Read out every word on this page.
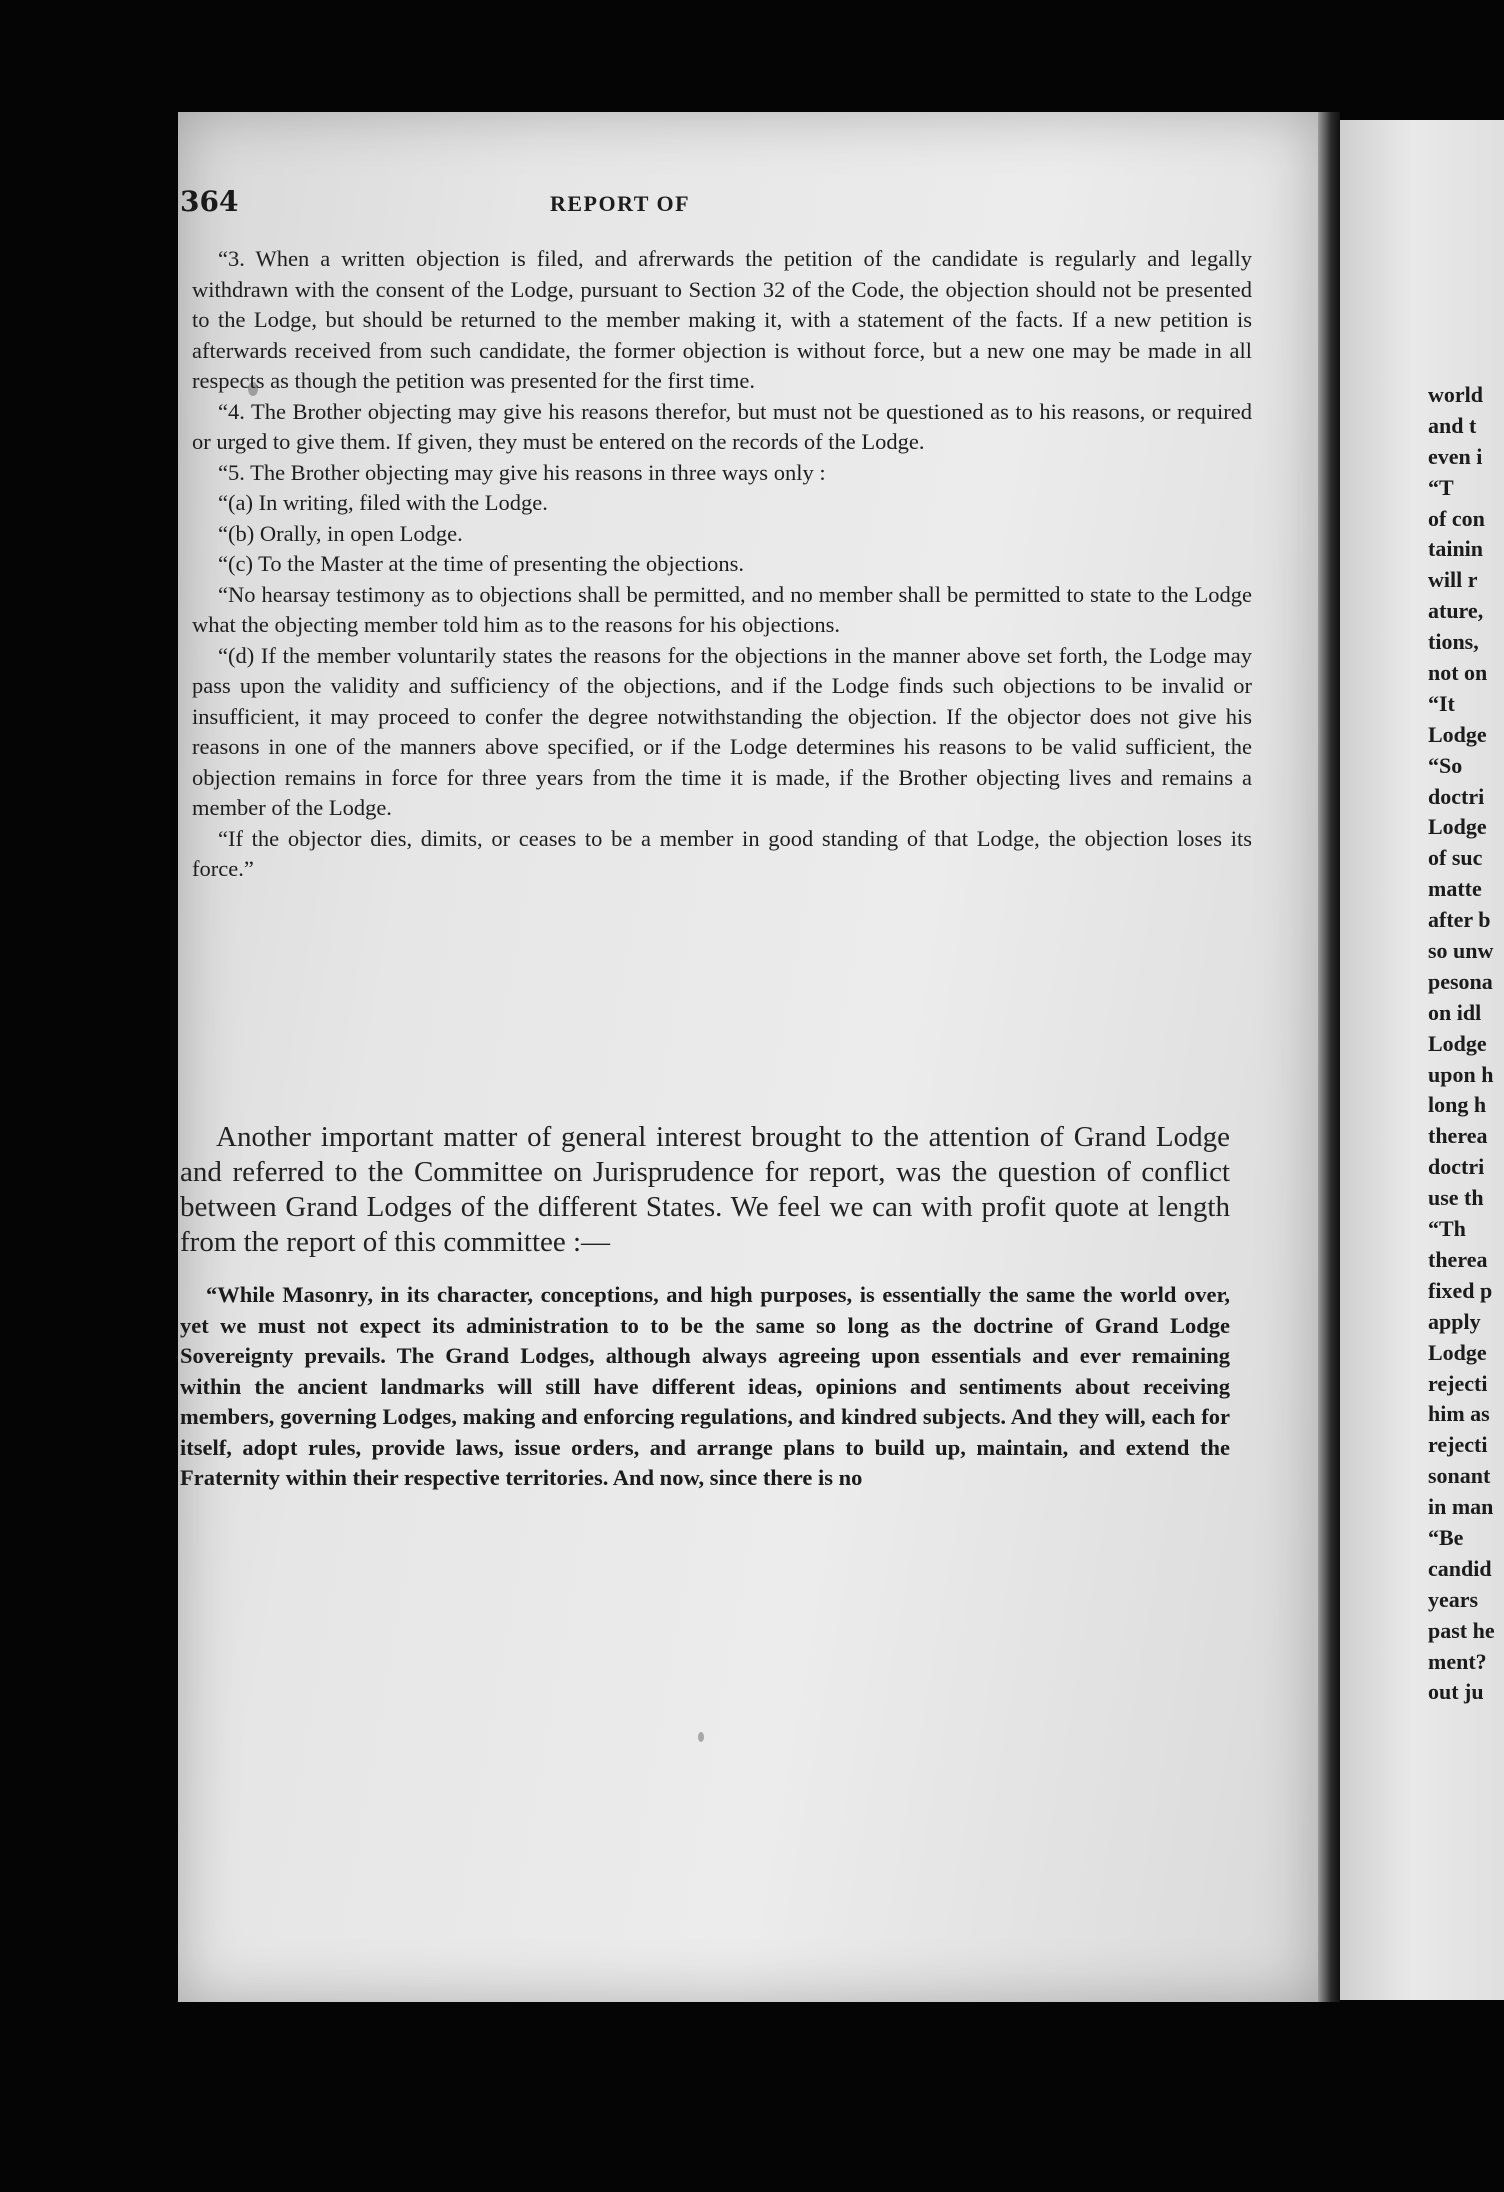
364	REPORT OF

“3. When a written objection is filed, and afrerwards the petition of the candidate is regularly and legally withdrawn with the consent of the Lodge, pursuant to Section 32 of the Code, the objection should not be presented to the Lodge, but should be returned to the member making it, with a statement of the facts. If a new petition is afterwards received from such candidate, the former objection is without force, but a new one may be made in all respects as though the petition was presented for the first time.

“4. The Brother objecting may give his reasons therefor, but must not be questioned as to his reasons, or required or urged to give them. If given, they must be entered on the records of the Lodge.

“5. The Brother objecting may give his reasons in three ways only :

“(a) In writing, filed with the Lodge.

“(b) Orally, in open Lodge.

“(c) To the Master at the time of presenting the objections.

“No hearsay testimony as to objections shall be permitted, and no member shall be permitted to state to the Lodge what the objecting member told him as to the reasons for his objections.

“(d) If the member voluntarily states the reasons for the objections in the manner above set forth, the Lodge may pass upon the validity and sufficiency of the objections, and if the Lodge finds such objections to be invalid or insufficient, it may proceed to confer the degree notwithstanding the objection. If the objector does not give his reasons in one of the manners above specified, or if the Lodge determines his reasons to be valid sufficient, the objection remains in force for three years from the time it is made, if the Brother objecting lives and remains a member of the Lodge.

“If the objector dies, dimits, or ceases to be a member in good standing of that Lodge, the objection loses its force.”

Another important matter of general interest brought to the attention of Grand Lodge and referred to the Committee on Jurisprudence for report, was the question of conflict between Grand Lodges of the different States. We feel we can with profit quote at length from the report of this committee :—

“While Masonry, in its character, conceptions, and high purposes, is essentially the same the world over, yet we must not expect its administration to to be the same so long as the doctrine of Grand Lodge Sovereignty prevails. The Grand Lodges, although always agreeing upon essentials and ever remaining within the ancient landmarks will still have different ideas, opinions and sentiments about receiving members, governing Lodges, making and enforcing regulations, and kindred subjects. And they will, each for itself, adopt rules, provide laws, issue orders, and arrange plans to build up, maintain, and extend the Fraternity within their respective territories. And now, since there is no

world
and t
even i
“T
of con
tainin
will r
ature,
tions,
not on
“It
Lodge
“So
doctri
Lodge
of suc
matte
after b
so unw
pesona
on idl
Lodge
upon h
long h
therea
doctri
use th
“Th
therea
fixed p
apply
Lodge
rejecti
him as
rejecti
sonant
in man
“Be
candid
years
past he
ment?
out ju
